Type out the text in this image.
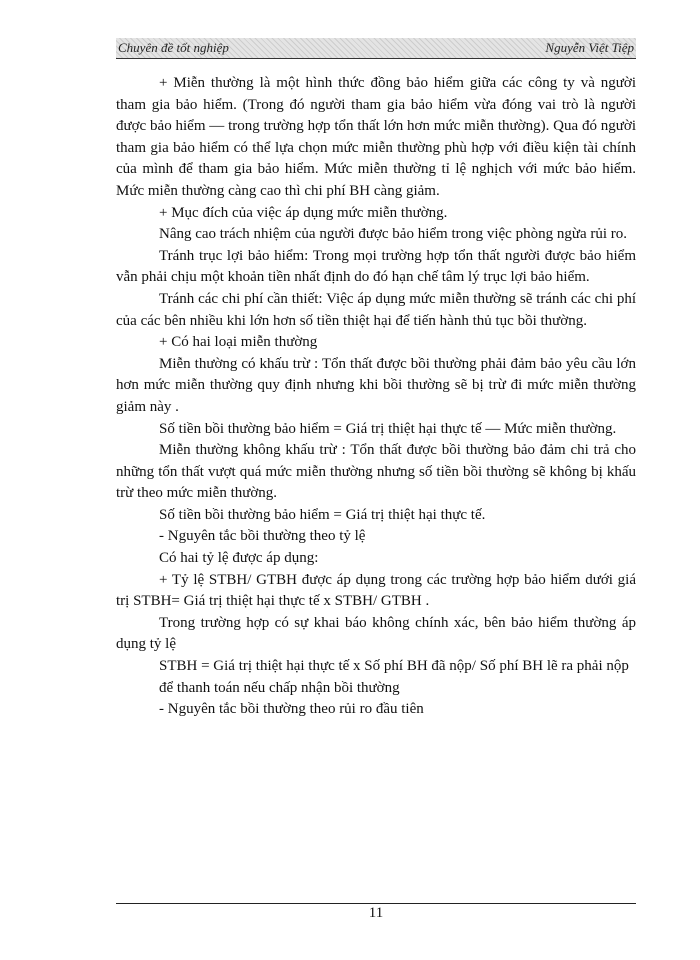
Chuyên đề tốt nghiệp	Nguyễn Việt Tiệp

+ Miễn thường là một hình thức đồng bảo hiểm giữa các công ty và người tham gia bảo hiểm. (Trong đó người tham gia bảo hiểm vừa đóng vai trò là người được bảo hiểm — trong trường hợp tổn thất lớn hơn mức miễn thường). Qua đó người tham gia bảo hiểm có thể lựa chọn mức miễn thường phù hợp với điều kiện tài chính của mình để tham gia bảo hiểm. Mức miễn thường tỉ lệ nghịch với mức bảo hiểm. Mức miễn thường càng cao thì chi phí BH càng giảm.

+ Mục đích của việc áp dụng mức miễn thường.

Nâng cao trách nhiệm của người được bảo hiểm trong việc phòng ngừa rủi ro.

Tránh trục lợi bảo hiểm: Trong mọi trường hợp tổn thất người được bảo hiểm vẫn phải chịu một khoản tiền nhất định do đó hạn chế tâm lý trục lợi bảo hiểm.

Tránh các chi phí cần thiết: Việc áp dụng mức miễn thường sẽ tránh các chi phí của các bên nhiều khi lớn hơn số tiền thiệt hại để tiến hành thủ tục bồi thường.

+ Có hai loại miễn thường

Miễn thường có khấu trừ : Tổn thất được bồi thường phải đảm bảo yêu cầu lớn hơn mức miễn thường quy định nhưng khi bồi thường sẽ bị trừ đi mức miễn thường giảm này .

Số tiền bồi thường bảo hiểm = Giá trị thiệt hại thực tế — Mức miễn thường.

Miễn thường không khấu trừ : Tổn thất được bồi thường bảo đảm chi trả cho những tổn thất vượt quá mức miễn thường nhưng số tiền bồi thường sẽ không bị khấu trừ theo mức miễn thường.

Số tiền bồi thường bảo hiểm = Giá trị thiệt hại thực tế.

- Nguyên tắc bồi thường theo tỷ lệ

Có hai tỷ lệ được áp dụng:

+ Tỷ lệ STBH/ GTBH được áp dụng trong các trường hợp bảo hiểm dưới giá trị STBH= Giá trị thiệt hại thực tế x STBH/ GTBH .

Trong trường hợp có sự khai báo không chính xác, bên bảo hiểm thường áp dụng tỷ lệ

STBH = Giá trị thiệt hại thực tế x Số phí BH đã nộp/ Số phí BH lẽ ra phải nộp

để thanh toán nếu chấp nhận bồi thường

- Nguyên tắc bồi thường theo rủi ro đầu tiên

11
